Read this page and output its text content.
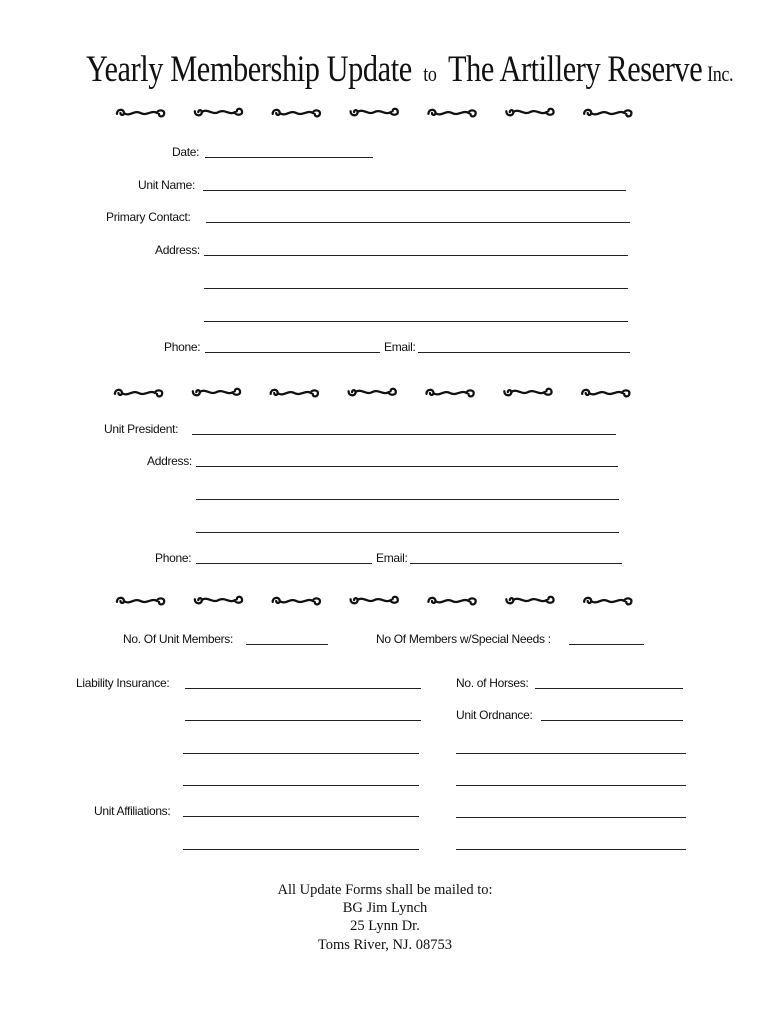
Yearly Membership Update to The Artillery Reserve Inc.
Date:
Unit Name:
Primary Contact:
Address:
Phone:	Email:
Unit President:
Address:
Phone:	Email:
No. Of Unit Members:	No Of Members w/Special Needs :
Liability Insurance:	No. of Horses:
Unit Ordnance:
Unit Affiliations:
All Update Forms shall be mailed to:
BG Jim Lynch
25 Lynn Dr.
Toms River, NJ. 08753
